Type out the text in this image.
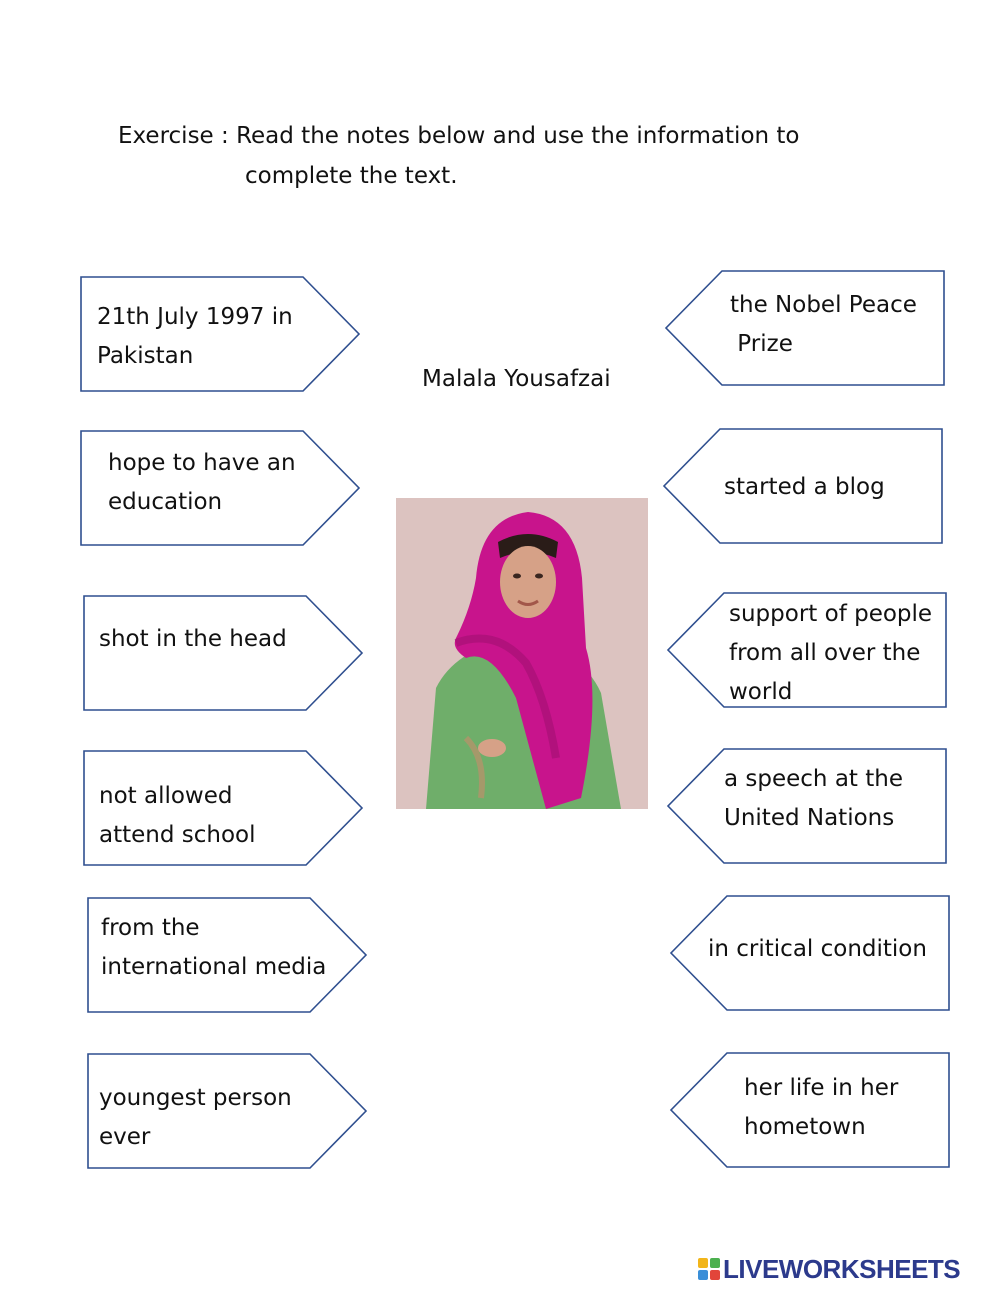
Exercise : Read the notes below and use the information to
complete the text.

Malala Yousafzai
21th July 1997 in
Pakistan
hope to have an
education
shot in the head
not allowed
attend school
from the
international media
youngest person
ever
the Nobel Peace
Prize
started a blog
support of people
from all over the
world
a speech at the
United Nations
in critical condition
her life in her
hometown
LIVEWORKSHEETS
